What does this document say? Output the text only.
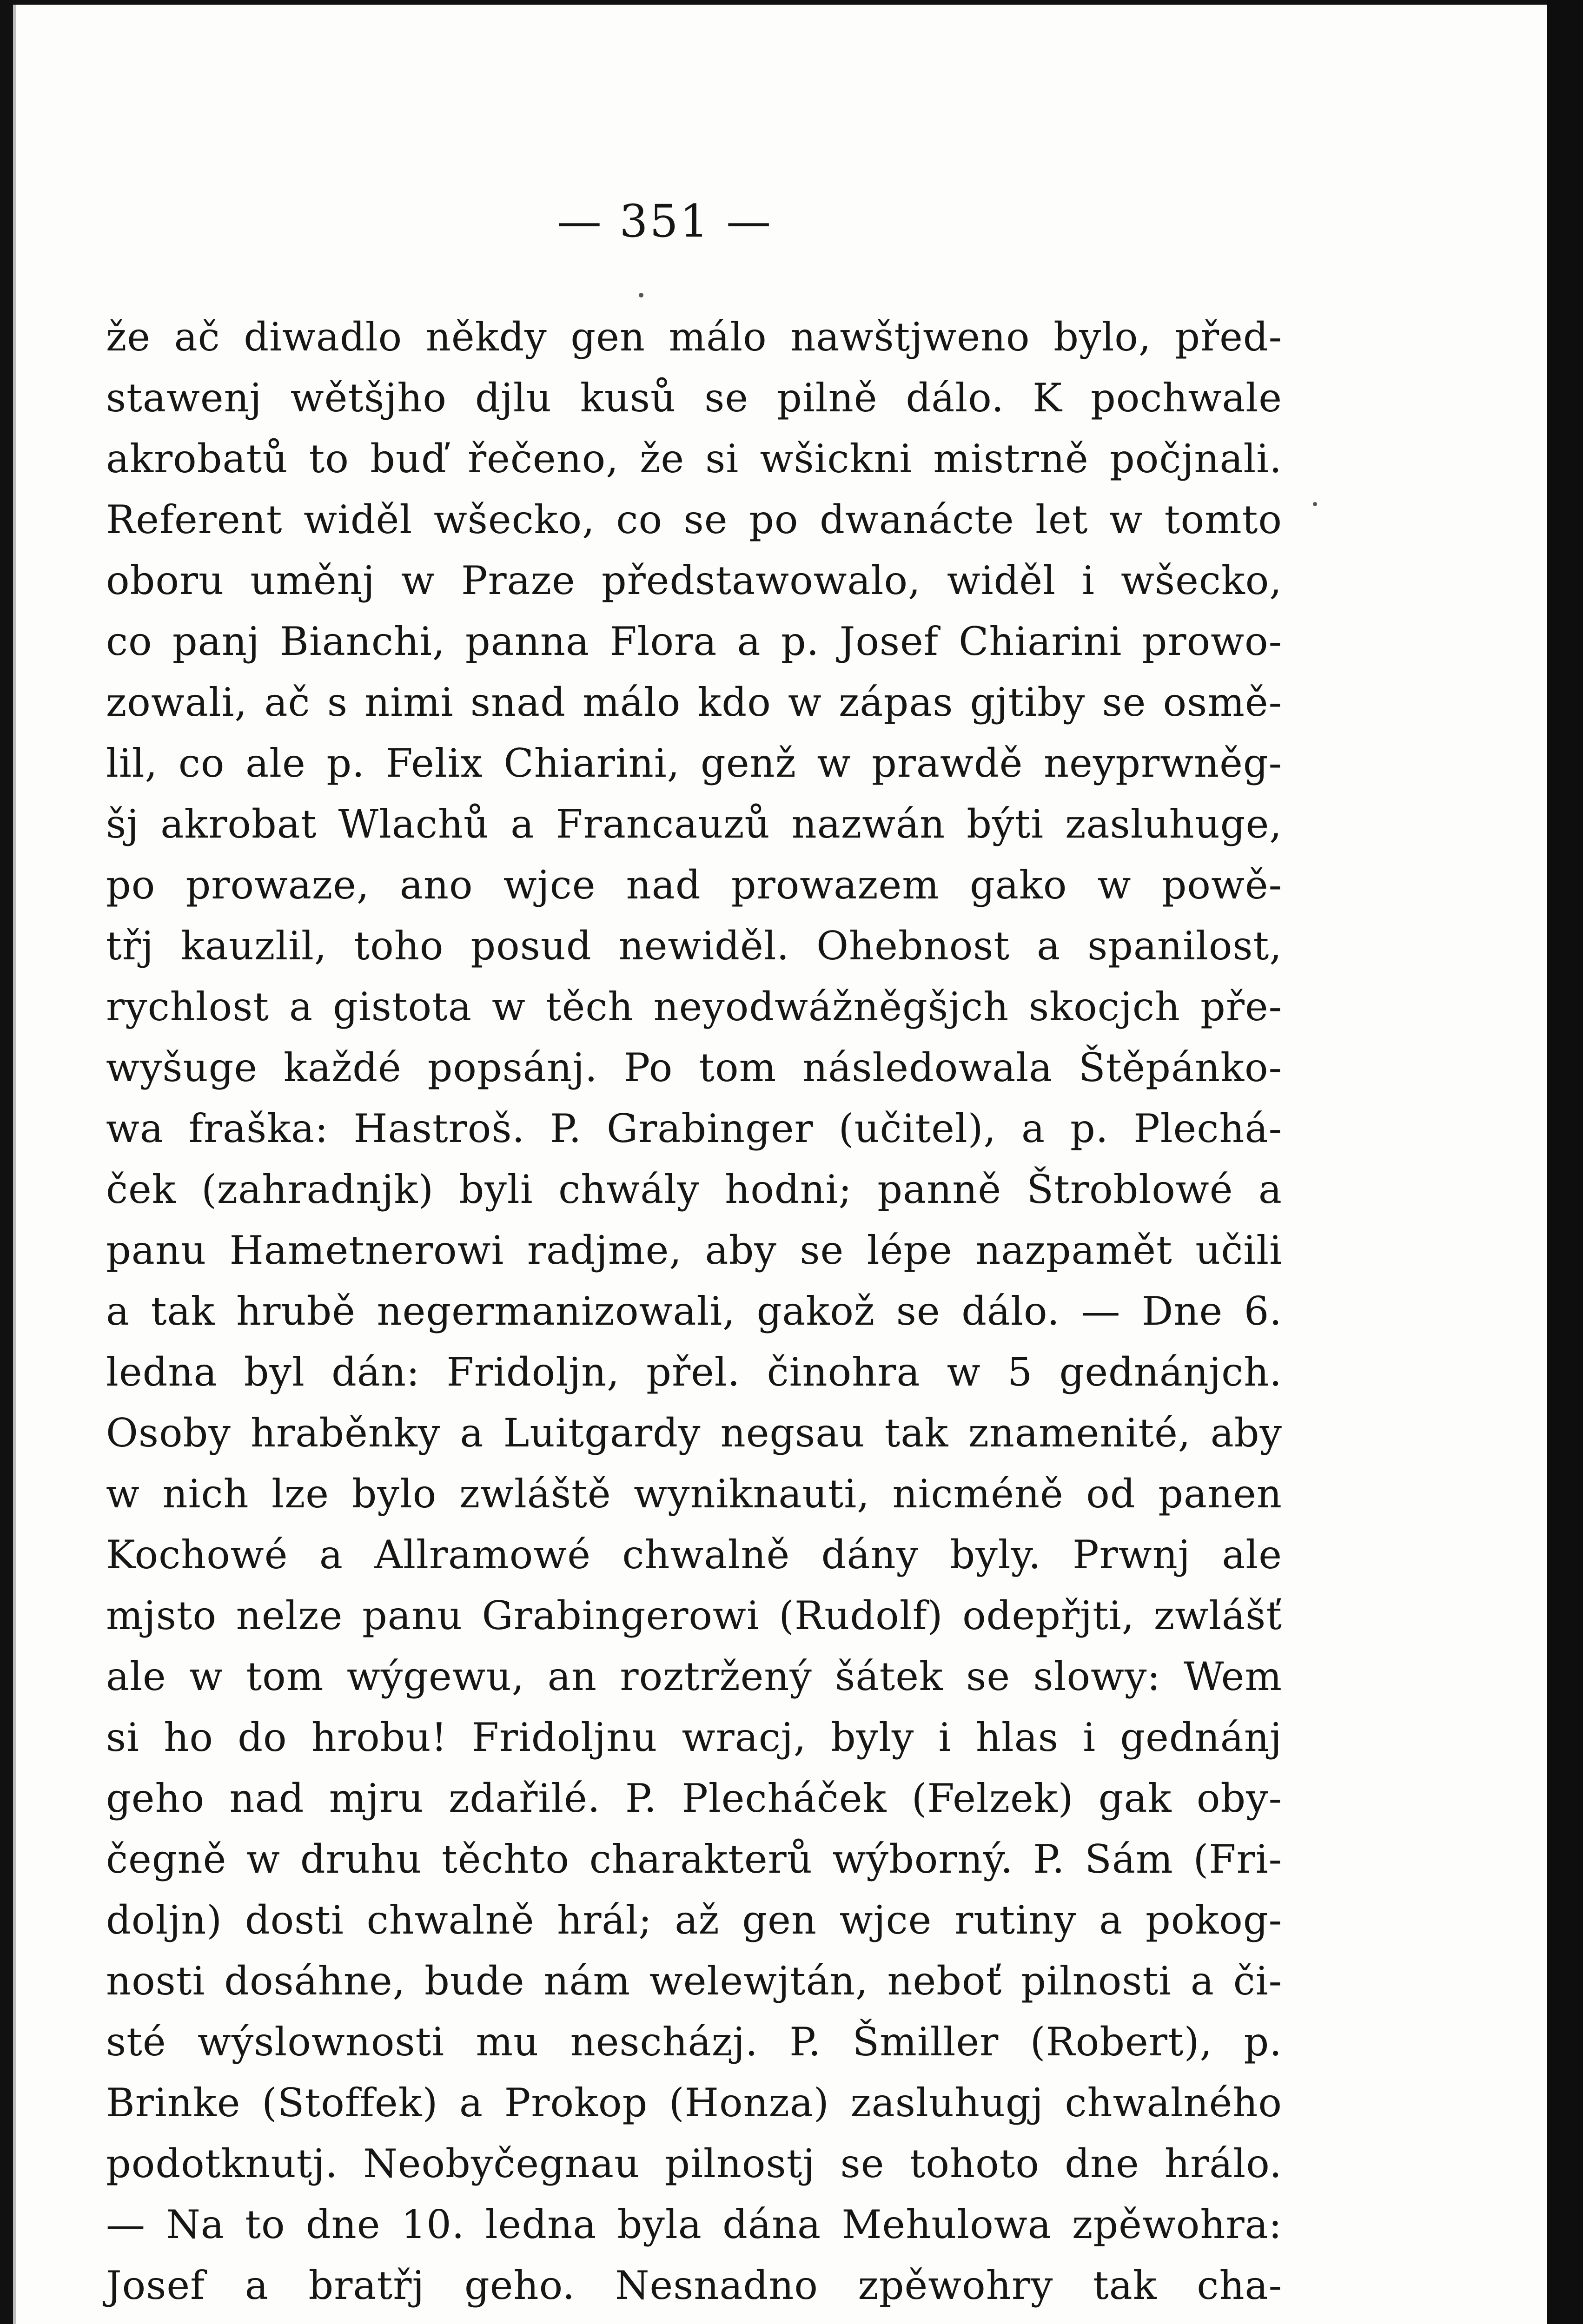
— 351 —
že ač diwadlo někdy gen málo nawštjweno bylo, před-
stawenj wětšjho djlu kusů se pilně dálo. K pochwale
akrobatů to buď řečeno, že si wšickni mistrně počjnali.
Referent widěl wšecko, co se po dwanácte let w tomto
oboru uměnj w Praze předstawowalo, widěl i wšecko,
co panj Bianchi, panna Flora a p. Josef Chiarini prowo-
zowali, ač s nimi snad málo kdo w zápas gjtiby se osmě-
lil, co ale p. Felix Chiarini, genž w prawdě neyprwněg-
šj akrobat Wlachů a Francauzů nazwán býti zasluhuge,
po prowaze, ano wjce nad prowazem gako w powě-
třj kauzlil, toho posud newiděl. Ohebnost a spanilost,
rychlost a gistota w těch neyodwážněgšjch skocjch pře-
wyšuge každé popsánj. Po tom následowala Štěpánko-
wa fraška: Hastroš. P. Grabinger (učitel), a p. Plechá-
ček (zahradnjk) byli chwály hodni; panně Štroblowé a
panu Hametnerowi radjme, aby se lépe nazpamět učili
a tak hrubě negermanizowali, gakož se dálo. — Dne 6.
ledna byl dán: Fridoljn, přel. činohra w 5 gednánjch.
Osoby hraběnky a Luitgardy negsau tak znamenité, aby
w nich lze bylo zwláště wyniknauti, nicméně od panen
Kochowé a Allramowé chwalně dány byly. Prwnj ale
mjsto nelze panu Grabingerowi (Rudolf) odepřjti, zwlášť
ale w tom wýgewu, an roztržený šátek se slowy: Wem
si ho do hrobu! Fridoljnu wracj, byly i hlas i gednánj
geho nad mjru zdařilé. P. Plecháček (Felzek) gak oby-
čegně w druhu těchto charakterů wýborný. P. Sám (Fri-
doljn) dosti chwalně hrál; až gen wjce rutiny a pokog-
nosti dosáhne, bude nám welewjtán, neboť pilnosti a či-
sté wýslownosti mu nescházj. P. Šmiller (Robert), p.
Brinke (Stoffek) a Prokop (Honza) zasluhugj chwalného
podotknutj. Neobyčegnau pilnostj se tohoto dne hrálo.
— Na to dne 10. ledna byla dána Mehulowa zpěwohra:
Josef a bratřj geho. Nesnadno zpěwohry tak cha-
